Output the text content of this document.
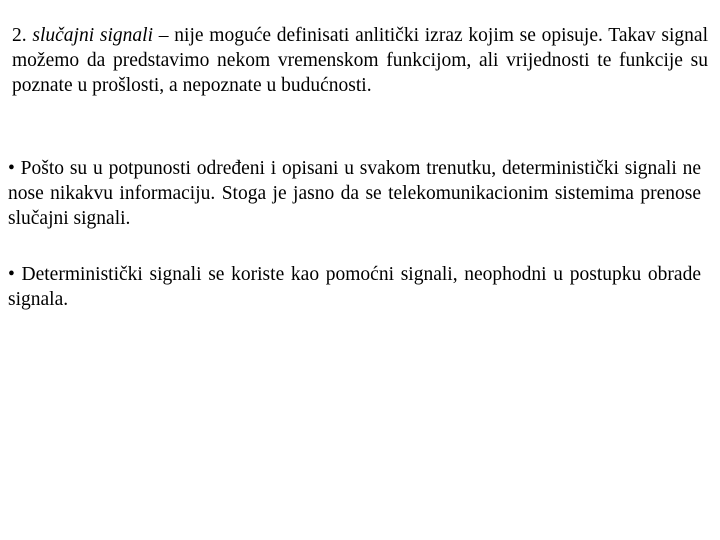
2. slučajni signali – nije moguće definisati anlitički izraz kojim se opisuje. Takav signal možemo da predstavimo nekom vremenskom funkcijom, ali vrijednosti te funkcije su poznate u prošlosti, a nepoznate u budućnosti.

• Pošto su u potpunosti određeni i opisani u svakom trenutku, deterministički signali ne nose nikakvu informaciju. Stoga je jasno da se telekomunikacionim sistemima prenose slučajni signali.

• Deterministički signali se koriste kao pomoćni signali, neophodni u postupku obrade signala.
